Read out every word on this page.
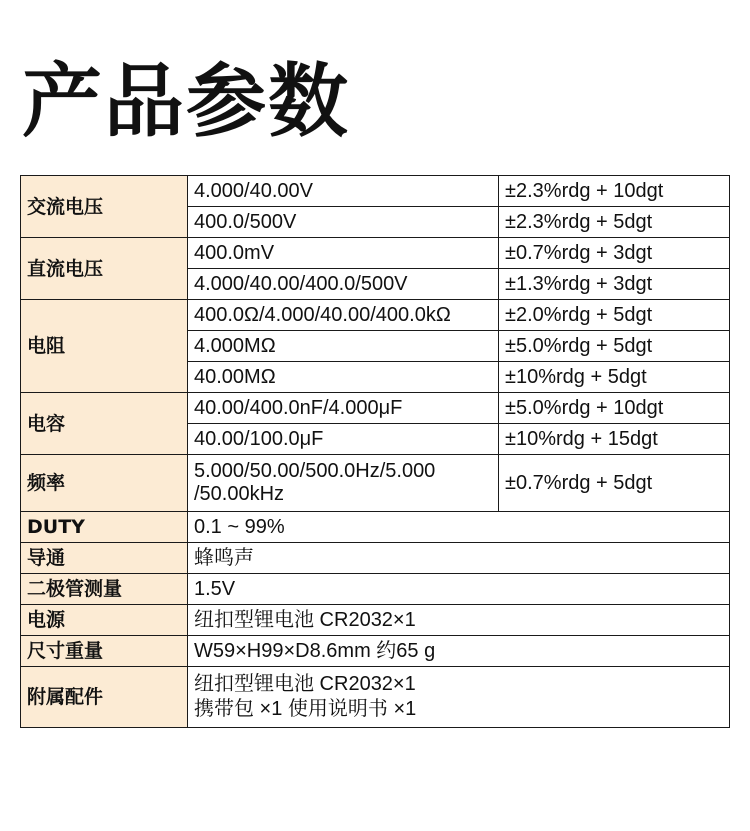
产品参数
交流电压	4.000/40.00V	±2.3%rdg + 10dgt
	400.0/500V	±2.3%rdg + 5dgt
直流电压	400.0mV	±0.7%rdg + 3dgt
	4.000/40.00/400.0/500V	±1.3%rdg + 3dgt
电阻	400.0Ω/4.000/40.00/400.0kΩ	±2.0%rdg + 5dgt
	4.000MΩ	±5.0%rdg + 5dgt
	40.00MΩ	±10%rdg + 5dgt
电容	40.00/400.0nF/4.000μF	±5.0%rdg + 10dgt
	40.00/100.0μF	±10%rdg + 15dgt
频率	5.000/50.00/500.0Hz/5.000 /50.00kHz	±0.7%rdg + 5dgt
DUTY	0.1 ~ 99%	
导通	蜂鸣声	
二极管测量	1.5V	
电源	纽扣型锂电池 CR2032×1	
尺寸重量	W59×H99×D8.6mm 约65 g	
附属配件	纽扣型锂电池 CR2032×1
携带包 ×1 使用说明书 ×1	
